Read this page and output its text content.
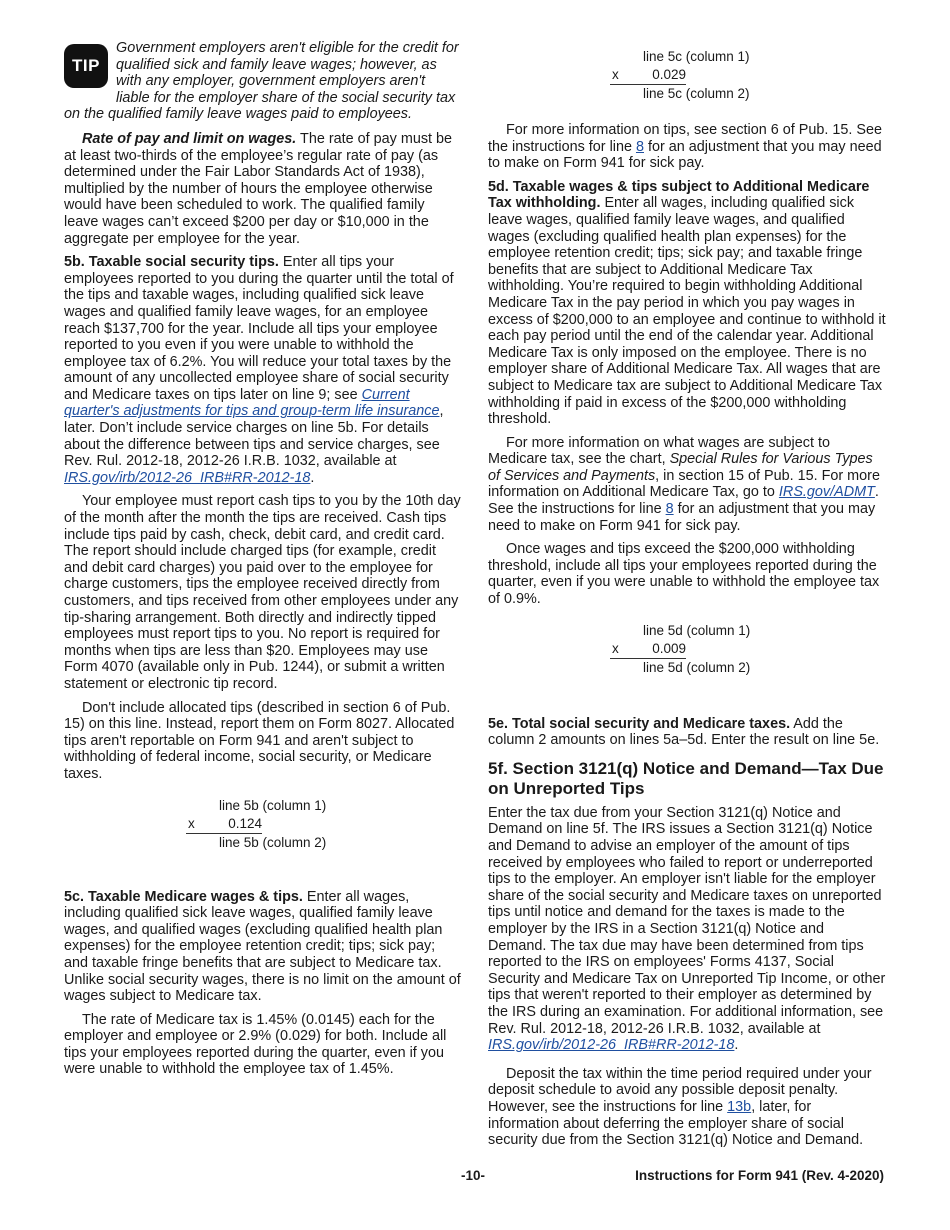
TIP
Government employers aren't eligible for the credit for qualified sick and family leave wages; however, as with any employer, government employers aren't liable for the employer share of the social security tax on the qualified family leave wages paid to employees.

Rate of pay and limit on wages. The rate of pay must be at least two-thirds of the employee’s regular rate of pay (as determined under the Fair Labor Standards Act of 1938), multiplied by the number of hours the employee otherwise would have been scheduled to work. The qualified family leave wages can’t exceed $200 per day or $10,000 in the aggregate per employee for the year.

5b. Taxable social security tips. Enter all tips your employees reported to you during the quarter until the total of the tips and taxable wages, including qualified sick leave wages and qualified family leave wages, for an employee reach $137,700 for the year. Include all tips your employee reported to you even if you were unable to withhold the employee tax of 6.2%. You will reduce your total taxes by the amount of any uncollected employee share of social security and Medicare taxes on tips later on line 9; see Current quarter's adjustments for tips and group-term life insurance, later. Don’t include service charges on line 5b. For details about the difference between tips and service charges, see Rev. Rul. 2012-18, 2012-26 I.R.B. 1032, available at IRS.gov/irb/2012-26_IRB#RR-2012-18.

Your employee must report cash tips to you by the 10th day of the month after the month the tips are received. Cash tips include tips paid by cash, check, debit card, and credit card. The report should include charged tips (for example, credit and debit card charges) you paid over to the employee for charge customers, tips the employee received directly from customers, and tips received from other employees under any tip-sharing arrangement. Both directly and indirectly tipped employees must report tips to you. No report is required for months when tips are less than $20. Employees may use Form 4070 (available only in Pub. 1244), or submit a written statement or electronic tip record.

Don't include allocated tips (described in section 6 of Pub. 15) on this line. Instead, report them on Form 8027. Allocated tips aren't reportable on Form 941 and aren't subject to withholding of federal income, social security, or Medicare taxes.

line 5b (column 1)
x	0.124
line 5b (column 2)

5c. Taxable Medicare wages & tips. Enter all wages, including qualified sick leave wages, qualified family leave wages, and qualified wages (excluding qualified health plan expenses) for the employee retention credit; tips; sick pay; and taxable fringe benefits that are subject to Medicare tax. Unlike social security wages, there is no limit on the amount of wages subject to Medicare tax.

The rate of Medicare tax is 1.45% (0.0145) each for the employer and employee or 2.9% (0.029) for both. Include all tips your employees reported during the quarter, even if you were unable to withhold the employee tax of 1.45%.

line 5c (column 1)
x	0.029
line 5c (column 2)

For more information on tips, see section 6 of Pub. 15. See the instructions for line 8 for an adjustment that you may need to make on Form 941 for sick pay.

5d. Taxable wages & tips subject to Additional Medicare Tax withholding. Enter all wages, including qualified sick leave wages, qualified family leave wages, and qualified wages (excluding qualified health plan expenses) for the employee retention credit; tips; sick pay; and taxable fringe benefits that are subject to Additional Medicare Tax withholding. You’re required to begin withholding Additional Medicare Tax in the pay period in which you pay wages in excess of $200,000 to an employee and continue to withhold it each pay period until the end of the calendar year. Additional Medicare Tax is only imposed on the employee. There is no employer share of Additional Medicare Tax. All wages that are subject to Medicare tax are subject to Additional Medicare Tax withholding if paid in excess of the $200,000 withholding threshold.

For more information on what wages are subject to Medicare tax, see the chart, Special Rules for Various Types of Services and Payments, in section 15 of Pub. 15. For more information on Additional Medicare Tax, go to IRS.gov/ADMT. See the instructions for line 8 for an adjustment that you may need to make on Form 941 for sick pay.

Once wages and tips exceed the $200,000 withholding threshold, include all tips your employees reported during the quarter, even if you were unable to withhold the employee tax of 0.9%.

line 5d (column 1)
x	0.009
line 5d (column 2)

5e. Total social security and Medicare taxes. Add the column 2 amounts on lines 5a–5d. Enter the result on line 5e.

5f. Section 3121(q) Notice and Demand—Tax Due on Unreported Tips

Enter the tax due from your Section 3121(q) Notice and Demand on line 5f. The IRS issues a Section 3121(q) Notice and Demand to advise an employer of the amount of tips received by employees who failed to report or underreported tips to the employer. An employer isn't liable for the employer share of the social security and Medicare taxes on unreported tips until notice and demand for the taxes is made to the employer by the IRS in a Section 3121(q) Notice and Demand. The tax due may have been determined from tips reported to the IRS on employees' Forms 4137, Social Security and Medicare Tax on Unreported Tip Income, or other tips that weren't reported to their employer as determined by the IRS during an examination. For additional information, see Rev. Rul. 2012-18, 2012-26 I.R.B. 1032, available at IRS.gov/irb/2012-26_IRB#RR-2012-18.

Deposit the tax within the time period required under your deposit schedule to avoid any possible deposit penalty. However, see the instructions for line 13b, later, for information about deferring the employer share of social security due from the Section 3121(q) Notice and Demand.

-10-	Instructions for Form 941 (Rev. 4-2020)
